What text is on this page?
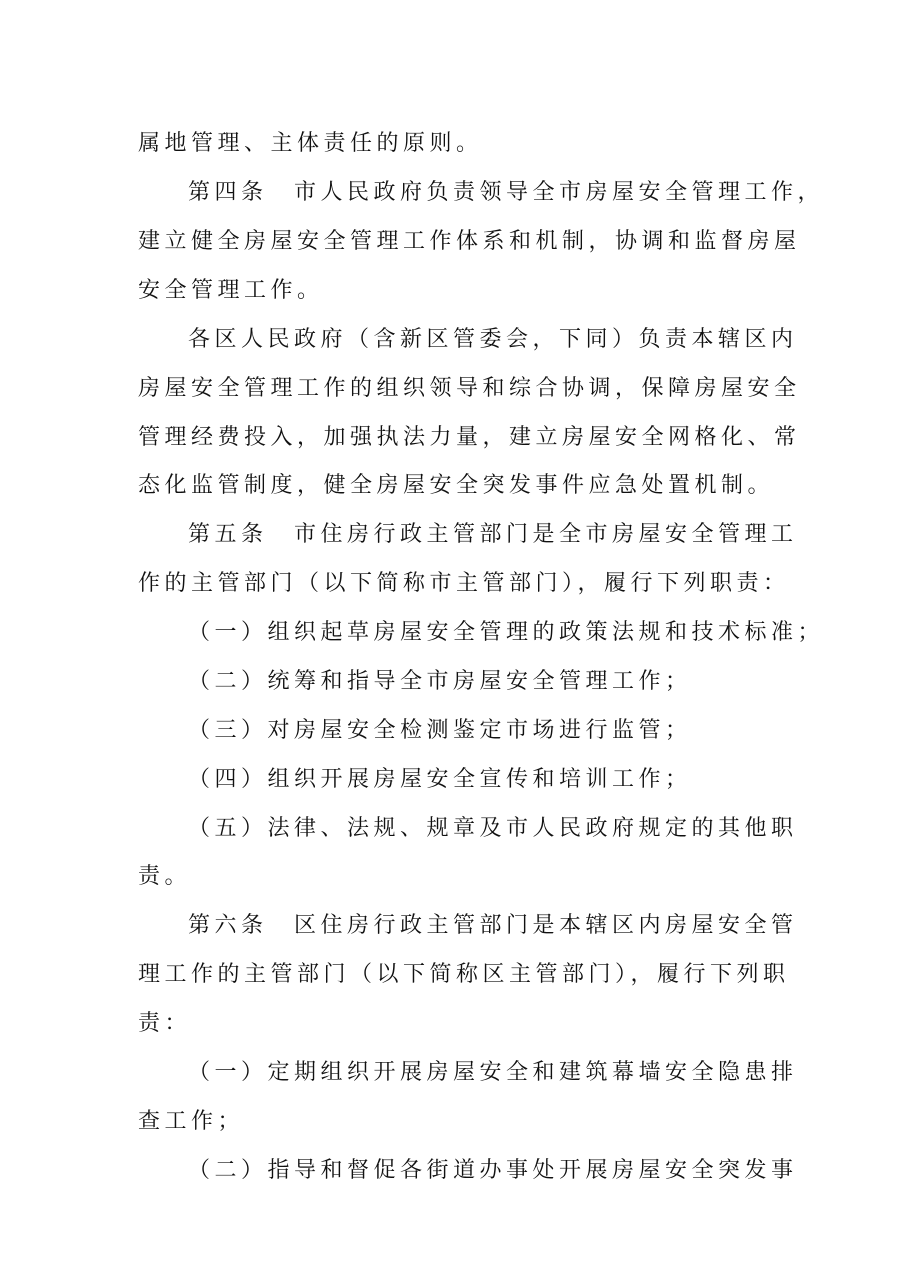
属地管理、主体责任的原则。
第四条　市人民政府负责领导全市房屋安全管理工作，
建立健全房屋安全管理工作体系和机制，协调和监督房屋
安全管理工作。
各区人民政府（含新区管委会，下同）负责本辖区内
房屋安全管理工作的组织领导和综合协调，保障房屋安全
管理经费投入，加强执法力量，建立房屋安全网格化、常
态化监管制度，健全房屋安全突发事件应急处置机制。
第五条　市住房行政主管部门是全市房屋安全管理工
作的主管部门（以下简称市主管部门），履行下列职责：
（一）组织起草房屋安全管理的政策法规和技术标准；
（二）统筹和指导全市房屋安全管理工作；
（三）对房屋安全检测鉴定市场进行监管；
（四）组织开展房屋安全宣传和培训工作；
（五）法律、法规、规章及市人民政府规定的其他职
责。
第六条　区住房行政主管部门是本辖区内房屋安全管
理工作的主管部门（以下简称区主管部门），履行下列职
责：
（一）定期组织开展房屋安全和建筑幕墙安全隐患排
查工作；
（二）指导和督促各街道办事处开展房屋安全突发事
